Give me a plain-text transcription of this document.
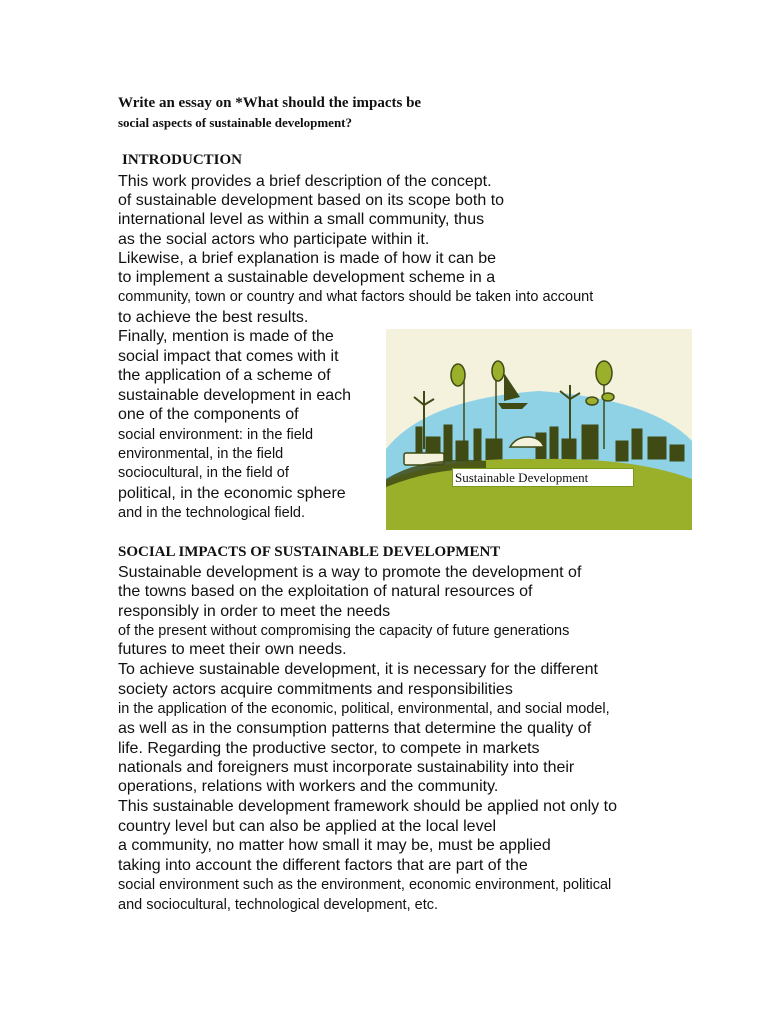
Write an essay on *What should the impacts be
social aspects of sustainable development?
INTRODUCTION
This work provides a brief description of the concept.
of sustainable development based on its scope both to
international level as within a small community, thus
as the social actors who participate within it.
Likewise, a brief explanation is made of how it can be
to implement a sustainable development scheme in a
community, town or country and what factors should be taken into account
to achieve the best results.
Finally, mention is made of the
social impact that comes with it
the application of a scheme of
sustainable development in each
one of the components of
social environment: in the field
environmental, in the field
sociocultural, in the field of
political, in the economic sphere
and in the technological field.
Sustainable Development
SOCIAL IMPACTS OF SUSTAINABLE DEVELOPMENT
Sustainable development is a way to promote the development of
the towns based on the exploitation of natural resources of
responsibly in order to meet the needs
of the present without compromising the capacity of future generations
futures to meet their own needs.
To achieve sustainable development, it is necessary for the different
society actors acquire commitments and responsibilities
in the application of the economic, political, environmental, and social model,
as well as in the consumption patterns that determine the quality of
life. Regarding the productive sector, to compete in markets
nationals and foreigners must incorporate sustainability into their
operations, relations with workers and the community.
This sustainable development framework should be applied not only to
country level but can also be applied at the local level
a community, no matter how small it may be, must be applied
taking into account the different factors that are part of the
social environment such as the environment, economic environment, political
and sociocultural, technological development, etc.
